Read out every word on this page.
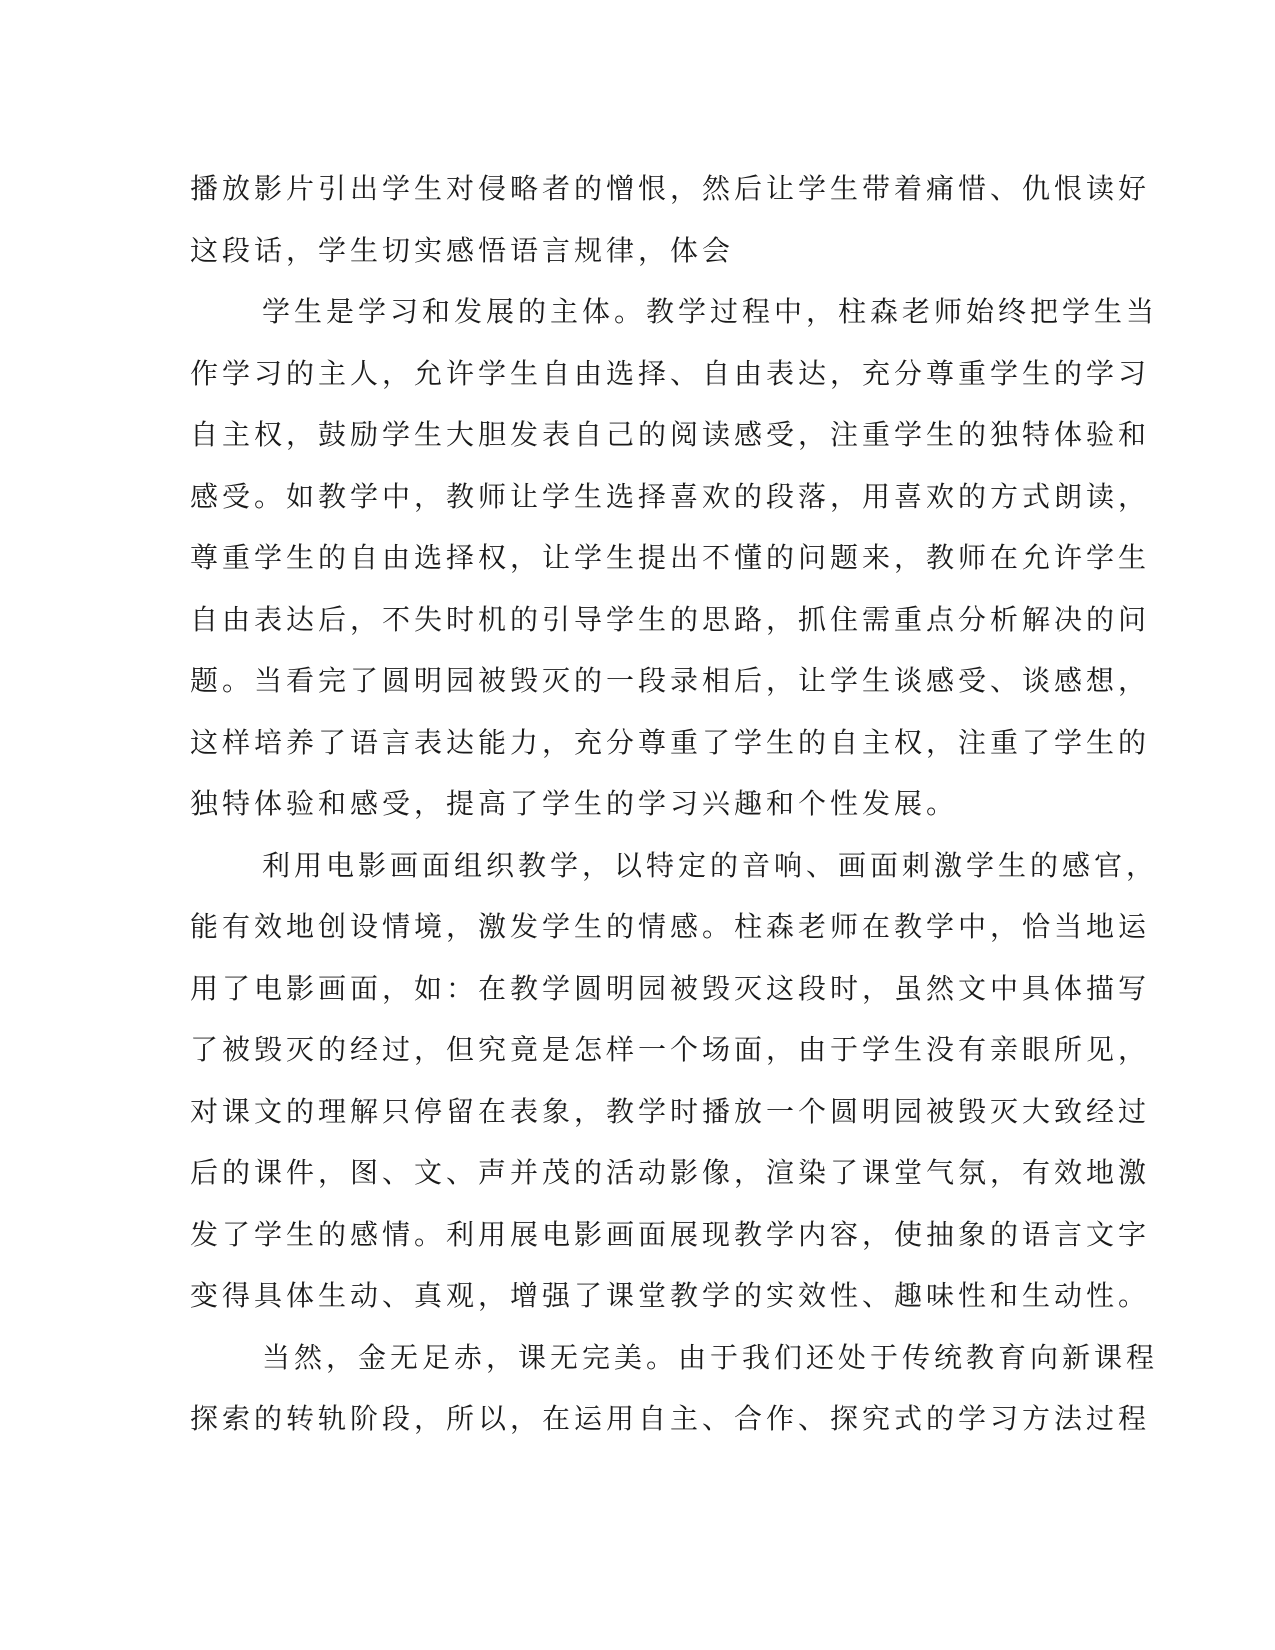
播放影片引出学生对侵略者的憎恨，然后让学生带着痛惜、仇恨读好
这段话，学生切实感悟语言规律，体会
学生是学习和发展的主体。教学过程中，柱森老师始终把学生当
作学习的主人，允许学生自由选择、自由表达，充分尊重学生的学习
自主权，鼓励学生大胆发表自己的阅读感受，注重学生的独特体验和
感受。如教学中，教师让学生选择喜欢的段落，用喜欢的方式朗读，
尊重学生的自由选择权，让学生提出不懂的问题来，教师在允许学生
自由表达后，不失时机的引导学生的思路，抓住需重点分析解决的问
题。当看完了圆明园被毁灭的一段录相后，让学生谈感受、谈感想，
这样培养了语言表达能力，充分尊重了学生的自主权，注重了学生的
独特体验和感受，提高了学生的学习兴趣和个性发展。
利用电影画面组织教学，以特定的音响、画面刺激学生的感官，
能有效地创设情境，激发学生的情感。柱森老师在教学中，恰当地运
用了电影画面，如：在教学圆明园被毁灭这段时，虽然文中具体描写
了被毁灭的经过，但究竟是怎样一个场面，由于学生没有亲眼所见，
对课文的理解只停留在表象，教学时播放一个圆明园被毁灭大致经过
后的课件，图、文、声并茂的活动影像，渲染了课堂气氛，有效地激
发了学生的感情。利用展电影画面展现教学内容，使抽象的语言文字
变得具体生动、真观，增强了课堂教学的实效性、趣味性和生动性。
当然，金无足赤，课无完美。由于我们还处于传统教育向新课程
探索的转轨阶段，所以，在运用自主、合作、探究式的学习方法过程
